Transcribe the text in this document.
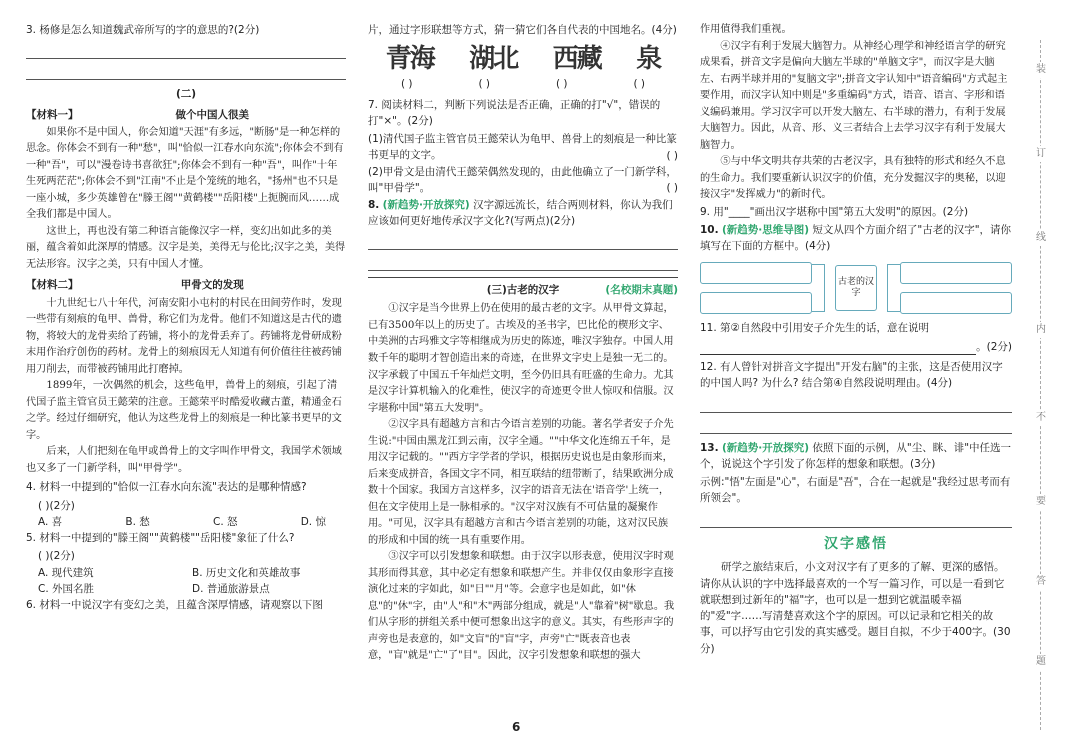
3. 杨修是怎么知道魏武帝所写的字的意思的?(2分)
(二)
【材料一】	做个中国人很美

如果你不是中国人，你会知道"天涯"有多远，"断肠"是一种怎样的思念。你体会不到有一种"愁"，叫"恰似一江春水向东流";你体会不到有一种"吾"，可以"漫卷诗书喜欲狂";你体会不到有一种"吾"，叫作"十年生死两茫茫";你体会不到"江南"不止是个笼统的地名，"扬州"也不只是一座小城，多少英雄曾在"滕王阁""黄鹤楼""岳阳楼"上扼腕而风……成全我们都是中国人。

这世上，再也没有第二种语言能像汉字一样，变幻出如此多的美丽，蕴含着如此深厚的情感。汉字是美，美得无与伦比;汉字之美，美得无法形容。汉字之美，只有中国人才懂。

【材料二】	甲骨文的发现

十九世纪七八十年代，河南安阳小屯村的村民在田间劳作时，发现一些带有刻痕的龟甲、兽骨，称它们为龙骨。他们不知道这是古代的遗物，将较大的龙骨卖给了药铺，将小的龙骨丢弃了。药铺将龙骨研成粉末用作治疗创伤的药材。龙骨上的刻痕因无人知道有何价值往往被药铺用刀削去，而带被药铺用此打磨掉。

1899年，一次偶然的机会，这些龟甲，兽骨上的刻痕，引起了清代国子监主管官员王懿荣的注意。王懿荣平时酷爱收藏古董，精通金石之学。经过仔细研究，他认为这些龙骨上的刻痕是一种比篆书更早的文字。

后来，人们把刻在龟甲或兽骨上的文字叫作甲骨文，我国学术领域也又多了一门新学科，叫"甲骨学"。

4. 材料一中提到的"恰似一江春水向东流"表达的是哪种情感?
( )(2分)
A. 喜	B. 愁	C. 怒	D. 惊
5. 材料一中提到的"滕王阁""黄鹤楼""岳阳楼"象征了什么?
( )(2分)
A. 现代建筑	B. 历史文化和英雄故事
C. 外国名胜	D. 普通旅游景点
6. 材料一中说汉字有变幻之美，且蕴含深厚情感，请观察以下图
片，通过字形联想等方式，猜一猜它们各自代表的中国地名。(4分)
青海 湖北 西藏 泉
( )	( )	( )	( )
7. 阅读材料二，判断下列说法是否正确，正确的打"√"，错误的打"×"。(2分)
(1)清代国子监主管官员王懿荣认为龟甲、兽骨上的刻痕是一种比篆书更早的文字。	( )
(2)甲骨文是由清代王懿荣偶然发现的，由此他确立了一门新学科，叫"甲骨学"。	( )
8. (新趋势·开放探究) 汉字源远流长，结合两则材料，你认为我们应该如何更好地传承汉字文化?(写两点)(2分)
(三)古老的汉字	(名校期末真题)

①汉字是当今世界上仍在使用的最古老的文字。从甲骨文算起，已有3500年以上的历史了。古埃及的圣书字，巴比伦的楔形文字、中美洲的古玛雅文字等相继成为历史的陈迹，唯汉字独存。中国人用数千年的聪明才智创造出来的奇迹，在世界文字史上是独一无二的。汉字承载了中国五千年灿烂文明，至今仍旧具有旺盛的生命力。尤其是汉字计算机输入的化难性，使汉字的奇迹更令世人惊叹和信服。汉字堪称中国"第五大发明"。

②汉字具有超越方言和古今语言差别的功能。著名学者安子介先生说:"中国由黑龙江到云南，汉字全通。""中华文化连绵五千年，是用汉字记载的。""西方字学者的学识，根据历史说也是由象形而来，后来变成拼音，各国文字不同，相互联结的纽带断了，结果欧洲分成数十个国家。我国方言这样多，汉字的语音无法在'语音学'上统一，但在文字使用上是一脉相承的。"汉字对汉族有不可估量的凝聚作用。"可见，汉字具有超越方言和古今语言差别的功能，这对汉民族的形成和中国的统一具有重要作用。

③汉字可以引发想象和联想。由于汉字以形表意，使用汉字时观其形而得其意，其中必定有想象和联想产生。并非仅仅由象形字直接演化过来的字如此，如"日""月"等。会意字也是如此，如"休息"的"休"字，由"人"和"木"两部分组成，就是"人"靠着"树"歇息。我们从字形的拼组关系中便可想象出这字的意义。其实，有些形声字的声旁也是表意的，如"文盲"的"盲"字，声旁"亡"既表音也表意，"盲"就是"亡"了"目"。因此，汉字引发想象和联想的强大

作用值得我们重视。

④汉字有利于发展大脑智力。从神经心理学和神经语言学的研究成果看，拼音文字是偏向大脑左半球的"单脑文字"，而汉字是大脑左、右两半球并用的"复脑文字";拼音文字认知中"语音编码"方式起主要作用，而汉字认知中则是"多重编码"方式，语音、语言、字形和语义编码兼用。学习汉字可以开发大脑左、右半球的潜力，有利于发展大脑智力。因此，从音、形、义三者结合上去学习汉字有利于发展大脑智力。

⑤与中华文明共存共荣的古老汉字，具有独特的形式和经久不息的生命力。我们要重新认识汉字的价值，充分发掘汉字的奥秘，以迎接汉字"发挥威力"的新时代。

9. 用"____"画出汉字堪称中国"第五大发明"的原因。(2分)
10. (新趋势·思维导图) 短文从四个方面介绍了"古老的汉字"，请你填写在下面的方框中。(4分)
古老的汉字
11. 第②自然段中引用安子介先生的话，意在说明
。(2分)
12. 有人曾针对拼音文字提出"开发右脑"的主张，这是否使用汉字的中国人吗? 为什么? 结合第④自然段说明理由。(4分)
13. (新趋势·开放探究) 依照下面的示例，从"尘、眯、诽"中任选一个，说说这个字引发了你怎样的想象和联想。(3分)
示例:"悟"左面是"心"，右面是"吾"，合在一起就是"我经过思考而有所领会"。
汉字感悟
研学之旅结束后，小文对汉字有了更多的了解、更深的感悟。请你从认识的字中选择最喜欢的一个写一篇习作，可以是一看到它就联想到过新年的"福"字，也可以是一想到它就温暖幸福的"爱"字……写清楚喜欢这个字的原因。可以记录和它相关的故事，可以抒写由它引发的真实感受。题目自拟，不少于400字。(30分)
装
订
线
内
不
要
答
题
6
